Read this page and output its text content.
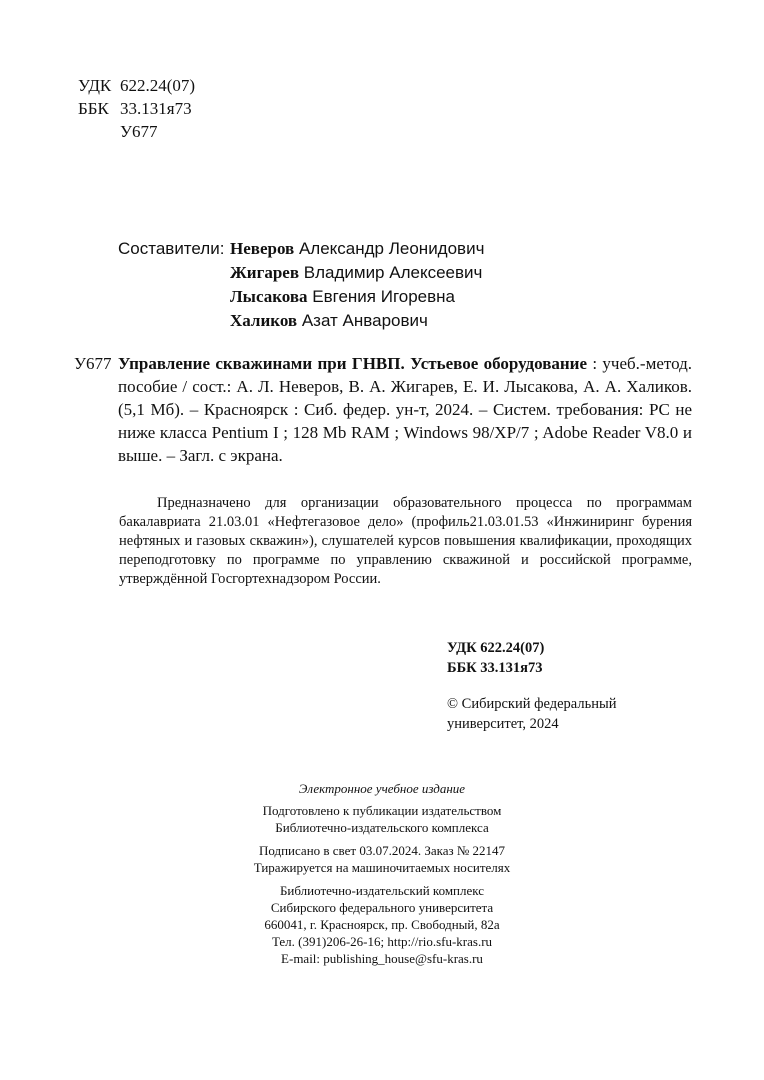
УДК 622.24(07)
ББК 33.131я73
У677
Составители: Неверов Александр Леонидович
Жигарев Владимир Алексеевич
Лысакова Евгения Игоревна
Халиков Азат Анварович
У677 Управление скважинами при ГНВП. Устьевое оборудование : учеб.-метод. пособие / сост.: А. Л. Неверов, В. А. Жигарев, Е. И. Лысакова, А. А. Халиков. (5,1 Мб). – Красноярск : Сиб. федер. ун-т, 2024. – Систем. требования: PC не ниже класса Pentium I ; 128 Mb RAM ; Windows 98/XP/7 ; Adobe Reader V8.0 и выше. – Загл. с экрана.
Предназначено для организации образовательного процесса по программам бакалавриата 21.03.01 «Нефтегазовое дело» (профиль21.03.01.53 «Инжиниринг бурения нефтяных и газовых скважин»), слушателей курсов повышения квалификации, проходящих переподготовку по программе по управлению скважиной и российской программе, утверждённой Госгортехнадзором России.
УДК 622.24(07)
ББК 33.131я73
© Сибирский федеральный
университет, 2024
Электронное учебное издание
Подготовлено к публикации издательством
Библиотечно-издательского комплекса
Подписано в свет 03.07.2024. Заказ № 22147
Тиражируется на машиночитаемых носителях
Библиотечно-издательский комплекс
Сибирского федерального университета
660041, г. Красноярск, пр. Свободный, 82а
Тел. (391)206-26-16; http://rio.sfu-kras.ru
E-mail: publishing_house@sfu-kras.ru
